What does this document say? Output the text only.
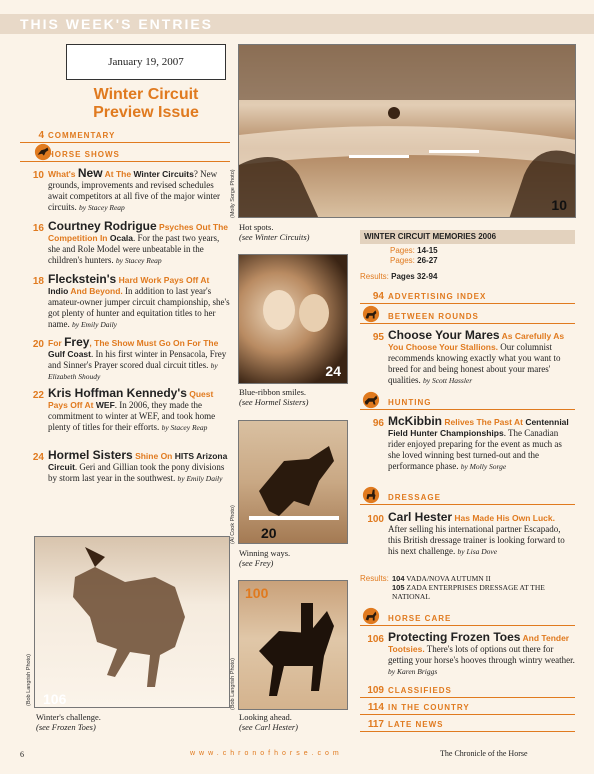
THIS WEEK'S ENTRIES
January 19, 2007
Winter Circuit Preview Issue
4 COMMENTARY
HORSE SHOWS
10 What's New At The Winter Circuits? New grounds, improvements and revised schedules await competitors at all five of the major winter circuits. by Stacey Reap
16 Courtney Rodrigue Psyches Out The Competition In Ocala. For the past two years, she and Role Model were unbeatable in the children's hunters. by Stacey Reap
18 Fleckstein's Hard Work Pays Off At Indio And Beyond. In addition to last year's amateur-owner jumper circuit championship, she's got plenty of hunter and equitation titles to her name. by Emily Daily
20 For Frey, The Show Must Go On For The Gulf Coast. In his first winter in Pensacola, Frey and Sinner's Prayer scored dual circuit titles. by Elizabeth Shoudy
22 Kris Hoffman Kennedy's Quest Pays Off At WEF. In 2006, they made the commitment to winter at WEF, and took home plenty of titles for their efforts. by Stacey Reap
24 Hormel Sisters Shine On HITS Arizona Circuit. Geri and Gillian took the pony divisions by storm last year in the southwest. by Emily Daily
106
(Bob Langrish Photo)
Winter's challenge.
(see Frozen Toes)
10
(Molly Sorge Photo)
Hot spots.
(see Winter Circuits)
24
Blue-ribbon smiles.
(see Hormel Sisters)
20
(Al Cook Photo)
Winning ways.
(see Frey)
100
(Bob Langrish Photo)
Looking ahead.
(see Carl Hester)
WINTER CIRCUIT MEMORIES 2006
Pages: 14-15
Pages: 26-27
Results: Pages 32-94
94 ADVERTISING INDEX
BETWEEN ROUNDS
95 Choose Your Mares As Carefully As You Choose Your Stallions. Our columnist recommends knowing exactly what you want to breed for and being honest about your mares' qualities. by Scott Hassler
HUNTING
96 McKibbin Relives The Past At Centennial Field Hunter Championships. The Canadian rider enjoyed preparing for the event as much as she loved winning best turned-out and the performance phase. by Molly Sorge
DRESSAGE
100 Carl Hester Has Made His Own Luck. After selling his international partner Escapado, this British dressage trainer is looking forward to his next challenge. by Lisa Dove
Results: 104 VADA/NOVA AUTUMN II
105 ZADA ENTERPRISES DRESSAGE AT THE NATIONAL
HORSE CARE
106 Protecting Frozen Toes And Tender Tootsies. There's lots of options out there for getting your horse's hooves through wintry weather. by Karen Briggs
109 CLASSIFIEDS
114 IN THE COUNTRY
117 LATE NEWS
6	www.chronofhorse.com	The Chronicle of the Horse
